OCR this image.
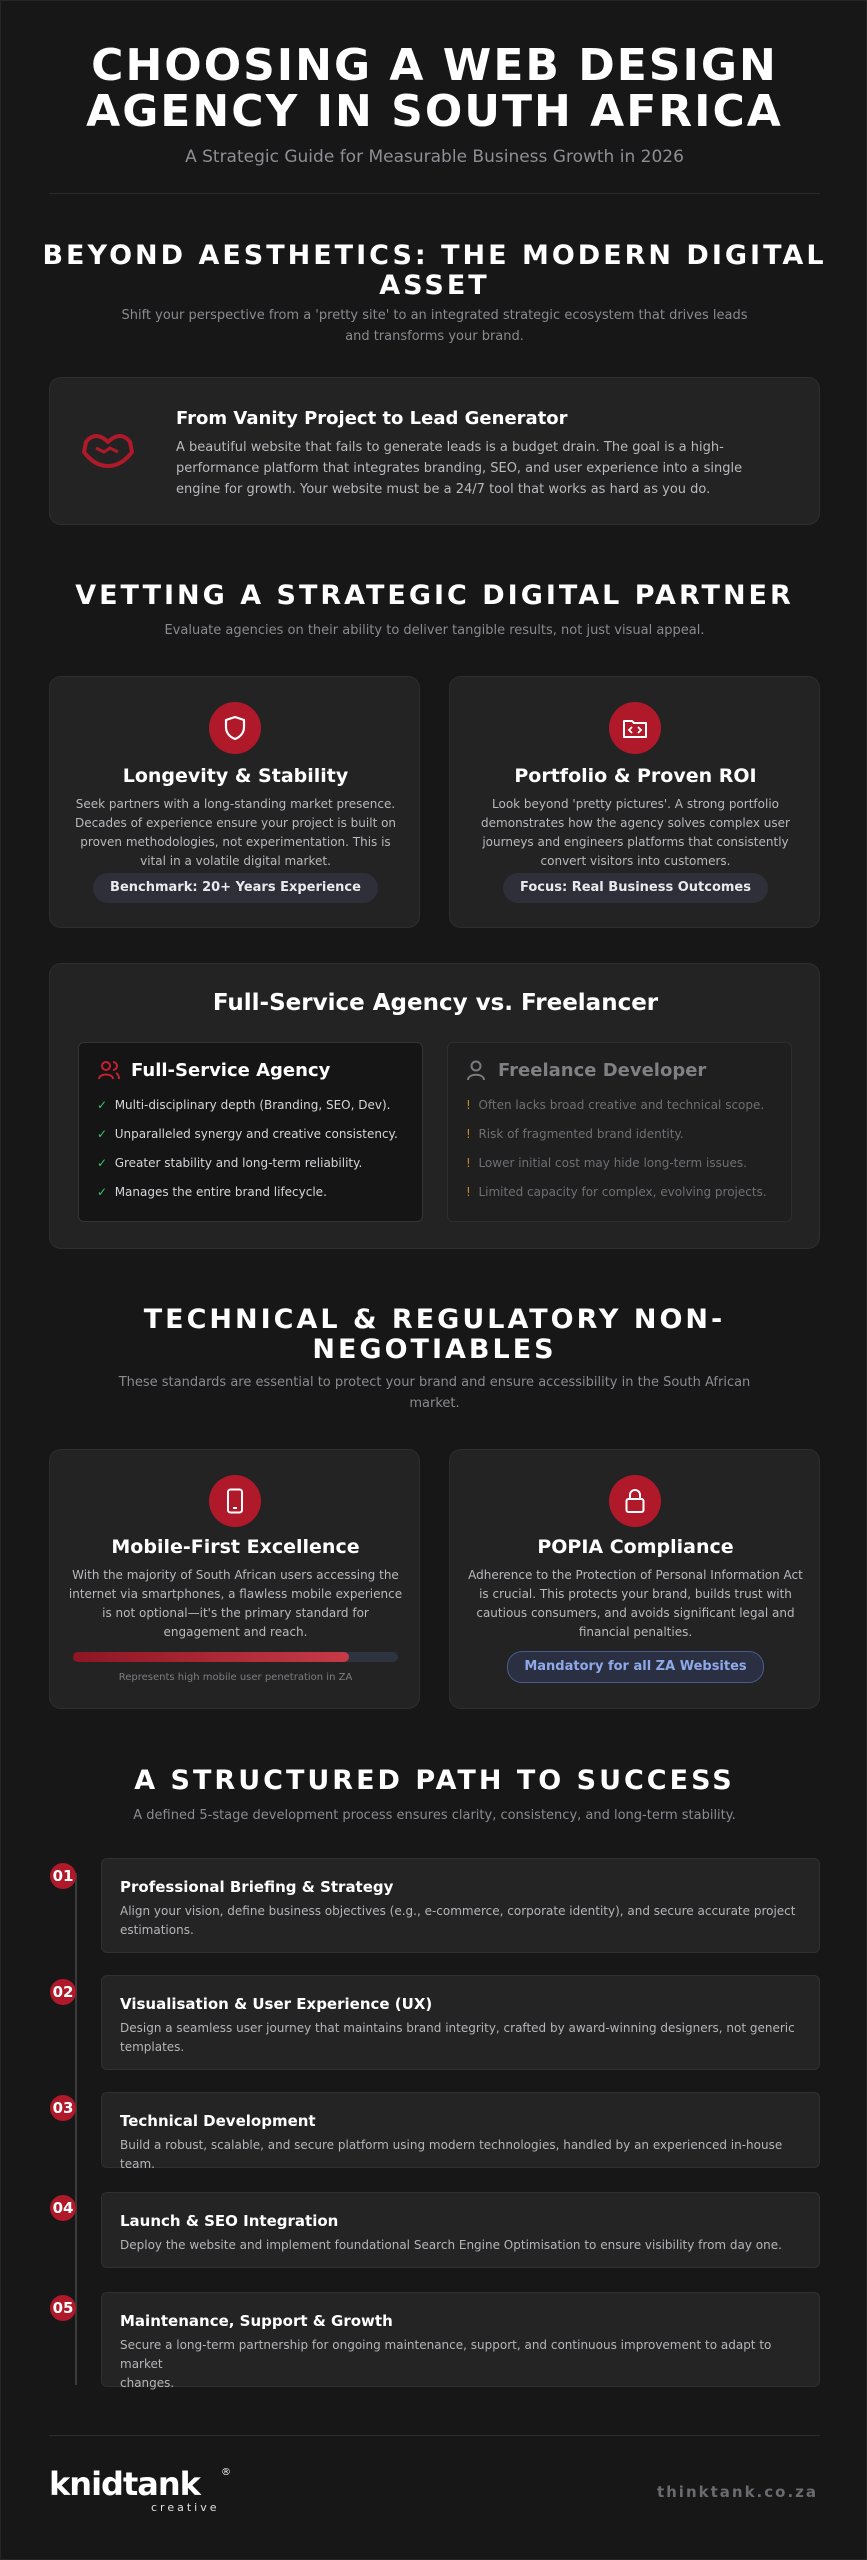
CHOOSING A WEB DESIGN
AGENCY IN SOUTH AFRICA
A Strategic Guide for Measurable Business Growth in 2026
BEYOND AESTHETICS: THE MODERN DIGITAL
ASSET
Shift your perspective from a 'pretty site' to an integrated strategic ecosystem that drives leads
and transforms your brand.
From Vanity Project to Lead Generator
A beautiful website that fails to generate leads is a budget drain. The goal is a high-
performance platform that integrates branding, SEO, and user experience into a single
engine for growth. Your website must be a 24/7 tool that works as hard as you do.
VETTING A STRATEGIC DIGITAL PARTNER
Evaluate agencies on their ability to deliver tangible results, not just visual appeal.
Longevity & Stability
Seek partners with a long-standing market presence.
Decades of experience ensure your project is built on
proven methodologies, not experimentation. This is
vital in a volatile digital market.
Benchmark: 20+ Years Experience
Portfolio & Proven ROI
Look beyond 'pretty pictures'. A strong portfolio
demonstrates how the agency solves complex user
journeys and engineers platforms that consistently
convert visitors into customers.
Focus: Real Business Outcomes
Full-Service Agency vs. Freelancer
Full-Service Agency
✓ Multi-disciplinary depth (Branding, SEO, Dev).
✓ Unparalleled synergy and creative consistency.
✓ Greater stability and long-term reliability.
✓ Manages the entire brand lifecycle.
Freelance Developer
! Often lacks broad creative and technical scope.
! Risk of fragmented brand identity.
! Lower initial cost may hide long-term issues.
! Limited capacity for complex, evolving projects.
TECHNICAL & REGULATORY NON-
NEGOTIABLES
These standards are essential to protect your brand and ensure accessibility in the South African
market.
Mobile-First Excellence
With the majority of South African users accessing the
internet via smartphones, a flawless mobile experience
is not optional—it's the primary standard for
engagement and reach.
Represents high mobile user penetration in ZA
POPIA Compliance
Adherence to the Protection of Personal Information Act
is crucial. This protects your brand, builds trust with
cautious consumers, and avoids significant legal and
financial penalties.
Mandatory for all ZA Websites
A STRUCTURED PATH TO SUCCESS
A defined 5-stage development process ensures clarity, consistency, and long-term stability.
01
Professional Briefing & Strategy
Align your vision, define business objectives (e.g., e-commerce, corporate identity), and secure accurate project
estimations.
02
Visualisation & User Experience (UX)
Design a seamless user journey that maintains brand integrity, crafted by award-winning designers, not generic
templates.
03
Technical Development
Build a robust, scalable, and secure platform using modern technologies, handled by an experienced in-house team.
04
Launch & SEO Integration
Deploy the website and implement foundational Search Engine Optimisation to ensure visibility from day one.
05
Maintenance, Support & Growth
Secure a long-term partnership for ongoing maintenance, support, and continuous improvement to adapt to market
changes.
knidtank ®
creative
thinktank.co.za
